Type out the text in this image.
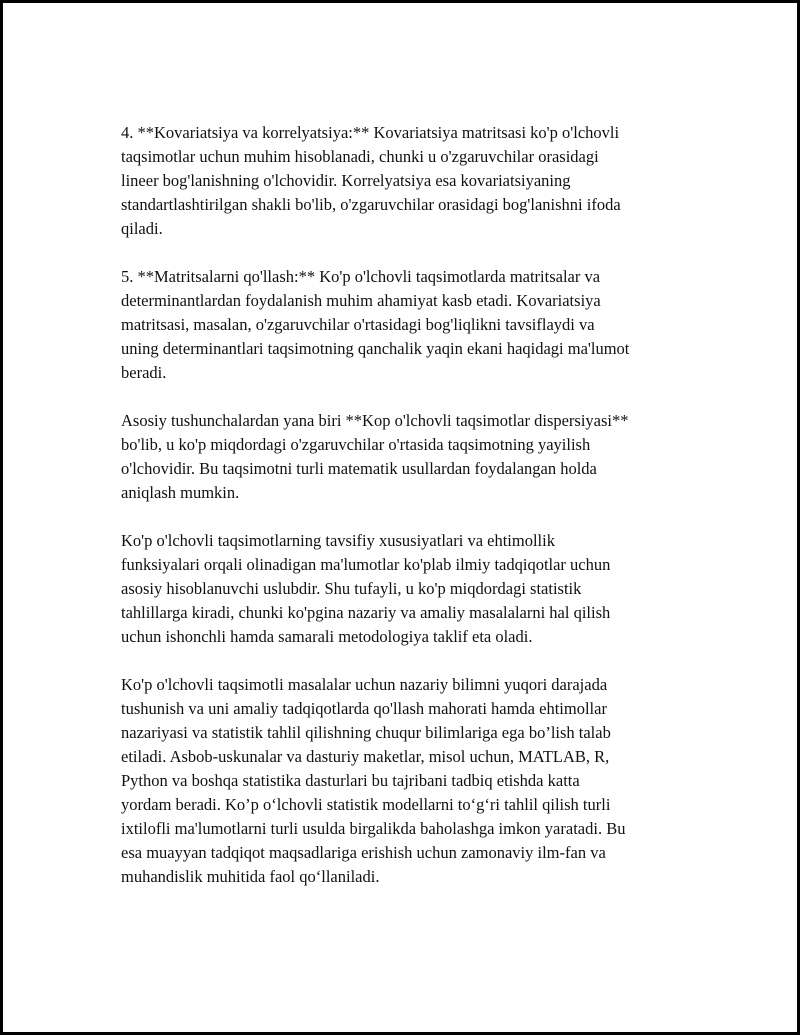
4. **Kovariatsiya va korrelyatsiya:** Kovariatsiya matritsasi ko'p o'lchovli
taqsimotlar uchun muhim hisoblanadi, chunki u o'zgaruvchilar orasidagi
lineer bog'lanishning o'lchovidir. Korrelyatsiya esa kovariatsiyaning
standartlashtirilgan shakli bo'lib, o'zgaruvchilar orasidagi bog'lanishni ifoda
qiladi.

5. **Matritsalarni qo'llash:** Ko'p o'lchovli taqsimotlarda matritsalar va
determinantlardan foydalanish muhim ahamiyat kasb etadi. Kovariatsiya
matritsasi, masalan, o'zgaruvchilar o'rtasidagi bog'liqlikni tavsiflaydi va
uning determinantlari taqsimotning qanchalik yaqin ekani haqidagi ma'lumot
beradi.

Asosiy tushunchalardan yana biri **Kop o'lchovli taqsimotlar dispersiyasi**
bo'lib, u ko'p miqdordagi o'zgaruvchilar o'rtasida taqsimotning yayilish
o'lchovidir. Bu taqsimotni turli matematik usullardan foydalangan holda
aniqlash mumkin.

Ko'p o'lchovli taqsimotlarning tavsifiy xususiyatlari va ehtimollik
funksiyalari orqali olinadigan ma'lumotlar ko'plab ilmiy tadqiqotlar uchun
asosiy hisoblanuvchi uslubdir. Shu tufayli, u ko'p miqdordagi statistik
tahlillarga kiradi, chunki ko'pgina nazariy va amaliy masalalarni hal qilish
uchun ishonchli hamda samarali metodologiya taklif eta oladi.

Ko'p o'lchovli taqsimotli masalalar uchun nazariy bilimni yuqori darajada
tushunish va uni amaliy tadqiqotlarda qo'llash mahorati hamda ehtimollar
nazariyasi va statistik tahlil qilishning chuqur bilimlariga ega bo’lish talab
etiladi. Asbob-uskunalar va dasturiy maketlar, misol uchun, MATLAB, R,
Python va boshqa statistika dasturlari bu tajribani tadbiq etishda katta
yordam beradi. Ko’p o‘lchovli statistik modellarni to‘g‘ri tahlil qilish turli
ixtilofli ma'lumotlarni turli usulda birgalikda baholashga imkon yaratadi. Bu
esa muayyan tadqiqot maqsadlariga erishish uchun zamonaviy ilm-fan va
muhandislik muhitida faol qo‘llaniladi.
